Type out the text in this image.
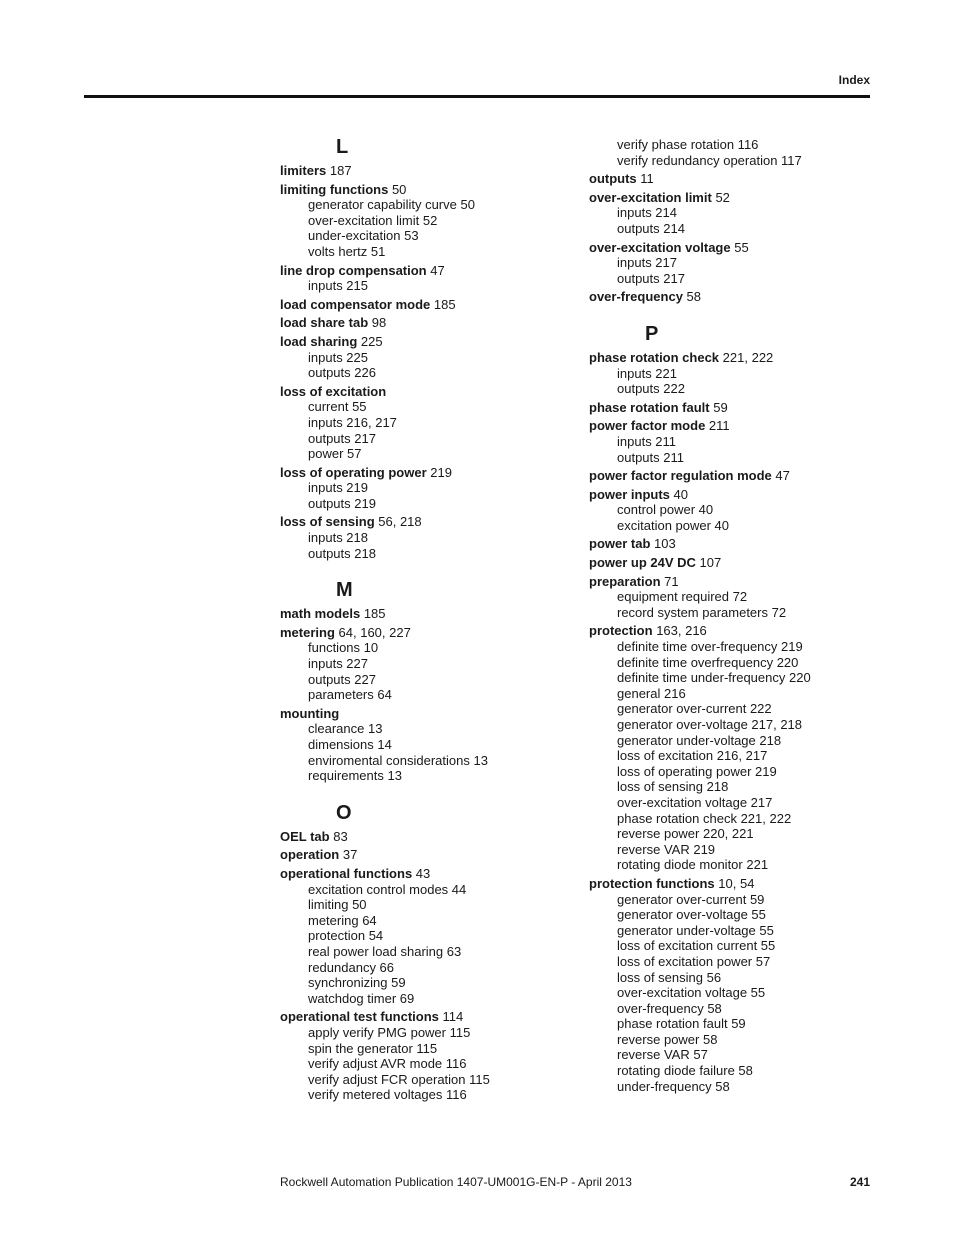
Index
L
limiters 187
limiting functions 50
generator capability curve 50
over-excitation limit 52
under-excitation 53
volts hertz 51
line drop compensation 47
inputs 215
load compensator mode 185
load share tab 98
load sharing 225
inputs 225
outputs 226
loss of excitation
current 55
inputs 216, 217
outputs 217
power 57
loss of operating power 219
inputs 219
outputs 219
loss of sensing 56, 218
inputs 218
outputs 218
M
math models 185
metering 64, 160, 227
functions 10
inputs 227
outputs 227
parameters 64
mounting
clearance 13
dimensions 14
enviromental considerations 13
requirements 13
O
OEL tab 83
operation 37
operational functions 43
excitation control modes 44
limiting 50
metering 64
protection 54
real power load sharing 63
redundancy 66
synchronizing 59
watchdog timer 69
operational test functions 114
apply verify PMG power 115
spin the generator 115
verify adjust AVR mode 116
verify adjust FCR operation 115
verify metered voltages 116
verify phase rotation 116
verify redundancy operation 117
outputs 11
over-excitation limit 52
inputs 214
outputs 214
over-excitation voltage 55
inputs 217
outputs 217
over-frequency 58
P
phase rotation check 221, 222
inputs 221
outputs 222
phase rotation fault 59
power factor mode 211
inputs 211
outputs 211
power factor regulation mode 47
power inputs 40
control power 40
excitation power 40
power tab 103
power up 24V DC 107
preparation 71
equipment required 72
record system parameters 72
protection 163, 216
definite time over-frequency 219
definite time overfrequency 220
definite time under-frequency 220
general 216
generator over-current 222
generator over-voltage 217, 218
generator under-voltage 218
loss of excitation 216, 217
loss of operating power 219
loss of sensing 218
over-excitation voltage 217
phase rotation check 221, 222
reverse power 220, 221
reverse VAR 219
rotating diode monitor 221
protection functions 10, 54
generator over-current 59
generator over-voltage 55
generator under-voltage 55
loss of excitation current 55
loss of excitation power 57
loss of sensing 56
over-excitation voltage 55
over-frequency 58
phase rotation fault 59
reverse power 58
reverse VAR 57
rotating diode failure 58
under-frequency 58
Rockwell Automation Publication 1407-UM001G-EN-P - April 2013	241
